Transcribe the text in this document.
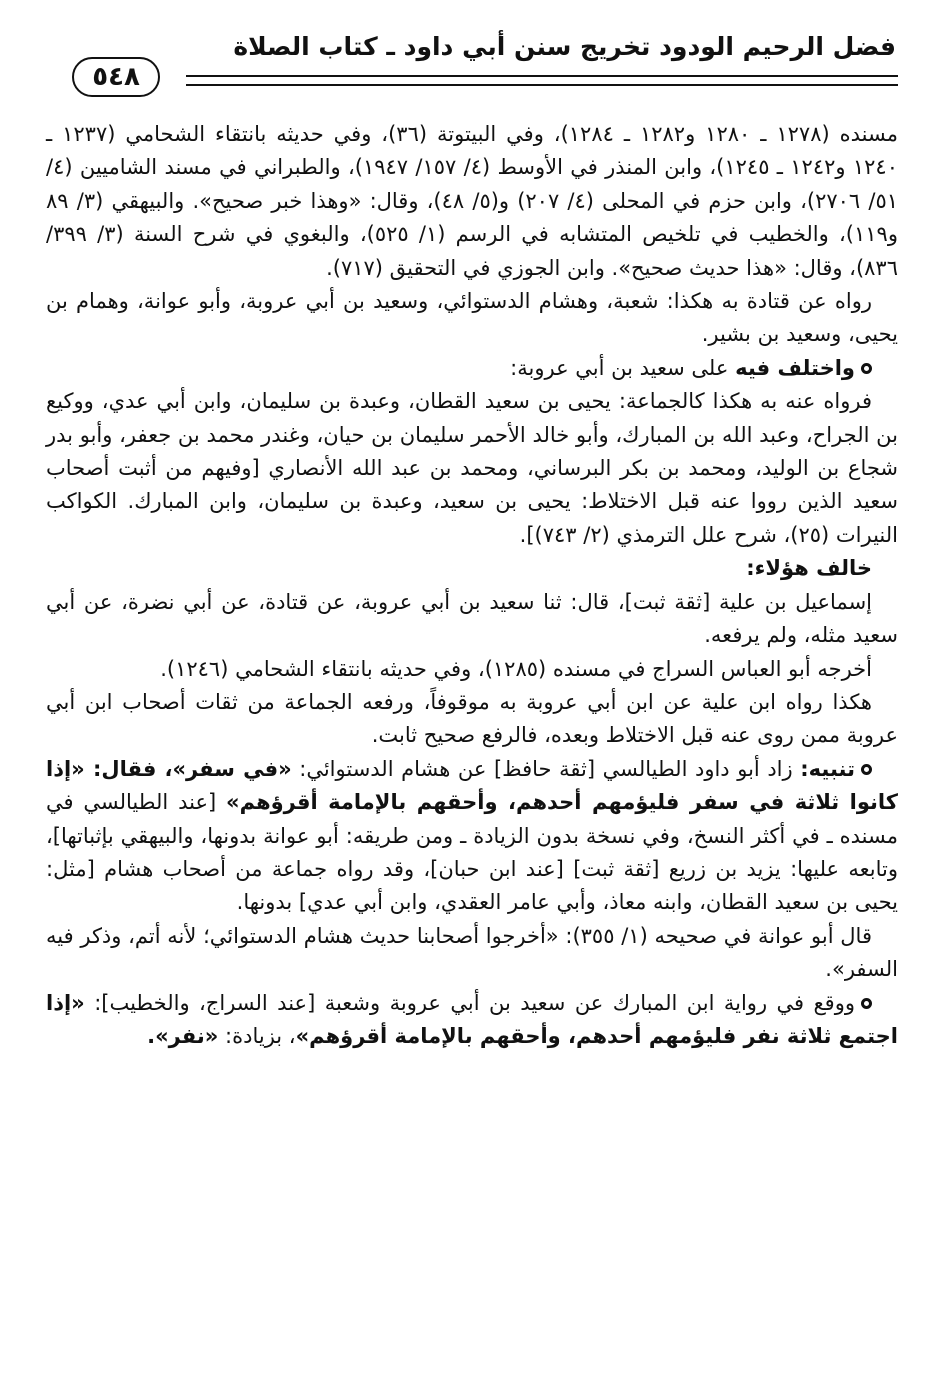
فضل الرحيم الودود تخريج سنن أبي داود ـ كتاب الصلاة
٥٤٨

مسنده (١٢٧٨ ـ ١٢٨٠ و١٢٨٢ ـ ١٢٨٤)، وفي البيتوتة (٣٦)، وفي حديثه بانتقاء الشحامي (١٢٣٧ ـ ١٢٤٠ و١٢٤٢ ـ ١٢٤٥)، وابن المنذر في الأوسط (٤/ ١٥٧/ ١٩٤٧)، والطبراني في مسند الشاميين (٤/ ٥١/ ٢٧٠٦)، وابن حزم في المحلى (٤/ ٢٠٧) و(٥/ ٤٨)، وقال: «وهذا خبر صحيح». والبيهقي (٣/ ٨٩ و١١٩)، والخطيب في تلخيص المتشابه في الرسم (١/ ٥٢٥)، والبغوي في شرح السنة (٣/ ٣٩٩/ ٨٣٦)، وقال: «هذا حديث صحيح». وابن الجوزي في التحقيق (٧١٧).

رواه عن قتادة به هكذا: شعبة، وهشام الدستوائي، وسعيد بن أبي عروبة، وأبو عوانة، وهمام بن يحيى، وسعيد بن بشير.

واختلف فيه على سعيد بن أبي عروبة:

فرواه عنه به هكذا كالجماعة: يحيى بن سعيد القطان، وعبدة بن سليمان، وابن أبي عدي، ووكيع بن الجراح، وعبد الله بن المبارك، وأبو خالد الأحمر سليمان بن حيان، وغندر محمد بن جعفر، وأبو بدر شجاع بن الوليد، ومحمد بن بكر البرساني، ومحمد بن عبد الله الأنصاري [وفيهم من أثبت أصحاب سعيد الذين رووا عنه قبل الاختلاط: يحيى بن سعيد، وعبدة بن سليمان، وابن المبارك. الكواكب النيرات (٢٥)، شرح علل الترمذي (٢/ ٧٤٣)].

خالف هؤلاء:

إسماعيل بن علية [ثقة ثبت]، قال: ثنا سعيد بن أبي عروبة، عن قتادة، عن أبي نضرة، عن أبي سعيد مثله، ولم يرفعه.

أخرجه أبو العباس السراج في مسنده (١٢٨٥)، وفي حديثه بانتقاء الشحامي (١٢٤٦).

هكذا رواه ابن علية عن ابن أبي عروبة به موقوفاً، ورفعه الجماعة من ثقات أصحاب ابن أبي عروبة ممن روى عنه قبل الاختلاط وبعده، فالرفع صحيح ثابت.

تنبيه: زاد أبو داود الطيالسي [ثقة حافظ] عن هشام الدستوائي: «في سفر»، فقال: «إذا كانوا ثلاثة في سفر فليؤمهم أحدهم، وأحقهم بالإمامة أقرؤهم» [عند الطيالسي في مسنده ـ في أكثر النسخ، وفي نسخة بدون الزيادة ـ ومن طريقه: أبو عوانة بدونها، والبيهقي بإثباتها]، وتابعه عليها: يزيد بن زريع [ثقة ثبت] [عند ابن حبان]، وقد رواه جماعة من أصحاب هشام [مثل: يحيى بن سعيد القطان، وابنه معاذ، وأبي عامر العقدي، وابن أبي عدي] بدونها.

قال أبو عوانة في صحيحه (١/ ٣٥٥): «أخرجوا أصحابنا حديث هشام الدستوائي؛ لأنه أتم، وذكر فيه السفر».

ووقع في رواية ابن المبارك عن سعيد بن أبي عروبة وشعبة [عند السراج، والخطيب]: «إذا اجتمع ثلاثة نفر فليؤمهم أحدهم، وأحقهم بالإمامة أقرؤهم»، بزيادة: «نفر».
